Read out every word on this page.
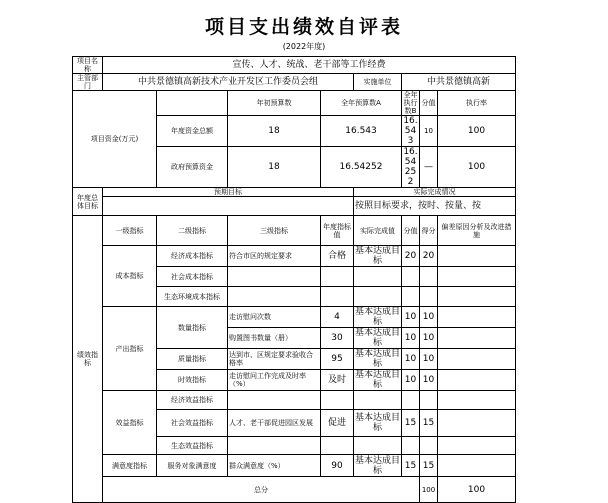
项目支出绩效自评表
(2022年度)
项目名称	宣传、人才、统战、老干部等工作经费								
主管部门	中共景德镇高新技术产业开发区工作委员会组				实施单位	中共景德镇高新			
项目资金(万元)			年初预算数	全年预算数A		全年执行数B	分值	执行率	
		年度资金总额	18	16.543		16.543	10	100	
		政府预算资金	18	16.54252		16.54252	—	100	
年度总体目标	预期目标				实际完成情况				
					按照目标要求，按时、按量、按				
绩效指标	一级指标	二级指标	三级指标	年度指标值	实际完成值	分值	得分	偏差原因分析及改进措施	
	成本指标	经济成本指标	符合市区的规定要求	合格	基本达成目标	20	20		
		社会成本指标							
		生态环境成本指标							
	产出指标	数量指标	走访慰问次数	4	基本达成目标	10	10		
			购置图书数量（册）	30	基本达成目标	10	10		
		质量指标	达到市、区规定要求验收合格率	95	基本达成目标	10	10		
		时效指标	走访慰问工作完成及时率（%）	及时	基本达成目标	10	10		
	效益指标	经济效益指标							
		社会效益指标	人才、老干部促进园区发展	促进	基本达成目标	15	15		
		生态效益指标							
	满意度指标	服务对象满意度	群众满意度（%）	90	基本达成目标	15	15		
	总分						100	100	
